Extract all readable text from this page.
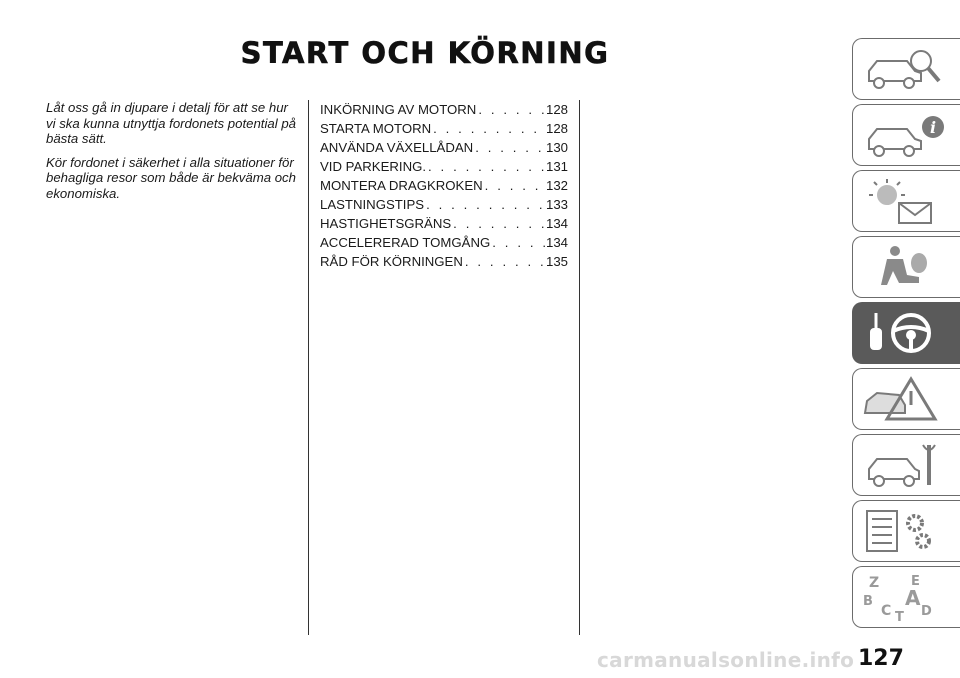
START OCH KÖRNING

Låt oss gå in djupare i detalj för att se hur vi ska kunna utnyttja fordonets potential på bästa sätt.

Kör fordonet i säkerhet i alla situationer för behagliga resor som både är bekväma och ekonomiska.

INKÖRNING AV MOTORN . . .	128
STARTA MOTORN . . .	128
ANVÄNDA VÄXELLÅDAN . . .	130
VID PARKERING. . . .	131
MONTERA DRAGKROKEN . . .	132
LASTNINGSTIPS . . .	133
HASTIGHETSGRÄNS . . .	134
ACCELERERAD TOMGÅNG . . .	134
RÅD FÖR KÖRNINGEN . . .	135
i
Z E
B A
C T D
127
carmanualsonline.info
